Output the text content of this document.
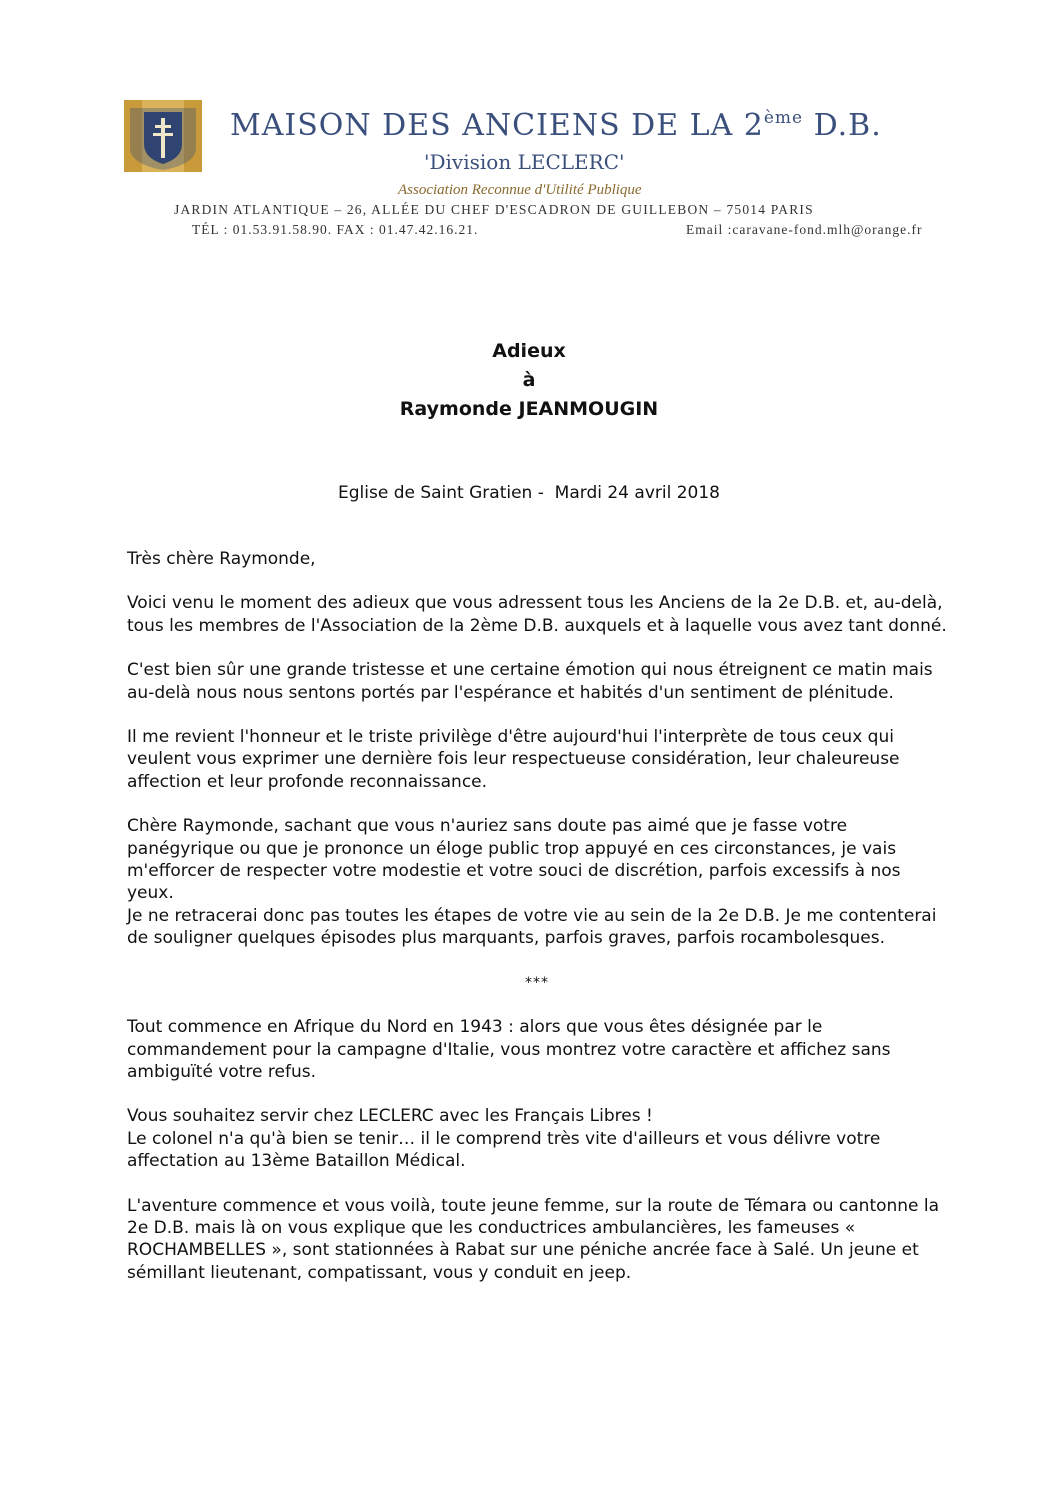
MAISON DES ANCIENS DE LA 2ème D.B.
'Division LECLERC'
Association Reconnue d'Utilité Publique
JARDIN ATLANTIQUE – 26, ALLÉE DU CHEF D'ESCADRON DE GUILLEBON – 75014 PARIS
TÉL : 01.53.91.58.90. FAX : 01.47.42.16.21.	Email :caravane-fond.mlh@orange.fr
Adieux
à
Raymonde JEANMOUGIN
Eglise de Saint Gratien -  Mardi 24 avril 2018

Très chère Raymonde,

Voici venu le moment des adieux que vous adressent tous les Anciens de la 2e D.B. et, au-delà, tous les membres de l'Association de la 2ème D.B. auxquels et à laquelle vous avez tant donné.

C'est bien sûr une grande tristesse et une certaine émotion qui nous étreignent ce matin mais au-delà nous nous sentons portés par l'espérance et habités d'un sentiment de plénitude.

Il me revient l'honneur et le triste privilège d'être aujourd'hui l'interprète de tous ceux qui veulent vous exprimer une dernière fois leur respectueuse considération, leur chaleureuse affection et leur profonde reconnaissance.

Chère Raymonde, sachant que vous n'auriez sans doute pas aimé que je fasse votre panégyrique ou que je prononce un éloge public trop appuyé en ces circonstances, je vais m'efforcer de respecter votre modestie et votre souci de discrétion, parfois excessifs à nos yeux.

Je ne retracerai donc pas toutes les étapes de votre vie au sein de la 2e D.B. Je me contenterai de souligner quelques épisodes plus marquants, parfois graves, parfois rocambolesques.

***

Tout commence en Afrique du Nord en 1943 : alors que vous êtes désignée par le commandement pour la campagne d'Italie, vous montrez votre caractère et affichez sans ambiguïté votre refus.

Vous souhaitez servir chez LECLERC avec les Français Libres !

Le colonel n'a qu'à bien se tenir… il le comprend très vite d'ailleurs et vous délivre votre affectation au 13ème Bataillon Médical.

L'aventure commence et vous voilà, toute jeune femme, sur la route de Témara ou cantonne la 2e D.B. mais là on vous explique que les conductrices ambulancières, les fameuses « ROCHAMBELLES », sont stationnées à Rabat sur une péniche ancrée face à Salé. Un jeune et sémillant lieutenant, compatissant, vous y conduit en jeep.
